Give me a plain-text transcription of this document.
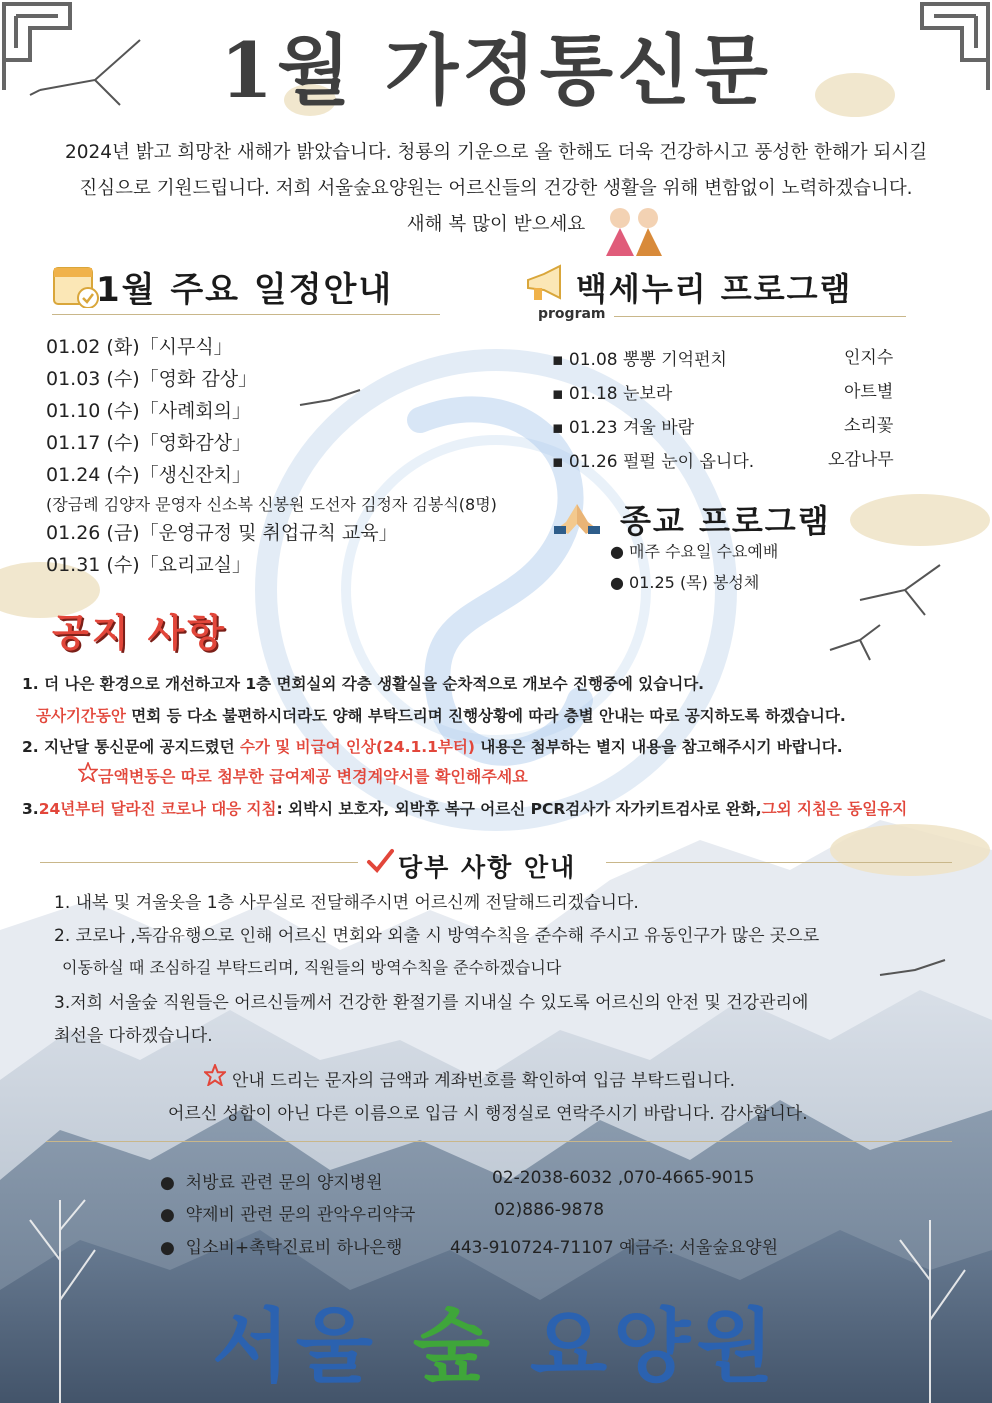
1월 가정통신문
2024년 밝고 희망찬 새해가 밝았습니다. 청룡의 기운으로 올 한해도 더욱 건강하시고 풍성한 한해가 되시길
진심으로 기원드립니다. 저희 서울숲요양원는 어르신들의 건강한 생활을 위해 변함없이 노력하겠습니다.
새해 복 많이 받으세요
1월 주요 일정안내
01.02 (화)「시무식」
01.03 (수)「영화 감상」
01.10 (수)「사례회의」
01.17 (수)「영화감상」
01.24 (수)「생신잔치」
(장금례 김양자 문영자 신소복 신봉원 도선자 김정자 김봉식(8명)
01.26 (금)「운영규정 및 취업규칙 교육」
01.31 (수)「요리교실」
백세누리 프로그램
program
▪ 01.08 뽕뽕 기억펀치	인지수
▪ 01.18 눈보라	아트별
▪ 01.23 겨울 바람	소리꽃
▪ 01.26 펄펄 눈이 옵니다.	오감나무
종교 프로그램
● 매주 수요일 수요예배
● 01.25 (목) 봉성체
공지 사항
1. 더 나은 환경으로 개선하고자 1층 면회실외 각층 생활실을 순차적으로 개보수 진행중에 있습니다.
공사기간동안 면회 등 다소 불편하시더라도 양해 부탁드리며 진행상황에 따라 층별 안내는 따로 공지하도록 하겠습니다.
2. 지난달 통신문에 공지드렸던 수가 및 비급여 인상(24.1.1부터) 내용은 첨부하는 별지 내용을 참고해주시기 바랍니다.
금액변동은 따로 첨부한 급여제공 변경계약서를 확인해주세요
3.24년부터 달라진 코로나 대응 지침: 외박시 보호자, 외박후 복구 어르신 PCR검사가 자가키트검사로 완화,그외 지침은 동일유지
당부 사항 안내
1. 내복 및 겨울옷을 1층 사무실로 전달해주시면 어르신께 전달해드리겠습니다.
2. 코로나 ,독감유행으로 인해 어르신 면회와 외출 시 방역수칙을 준수해 주시고 유동인구가 많은 곳으로
이동하실 때 조심하길 부탁드리며, 직원들의 방역수칙을 준수하겠습니다
3.저희 서울숲 직원들은 어르신들께서 건강한 환절기를 지내실 수 있도록 어르신의 안전 및 건강관리에
최선을 다하겠습니다.
안내 드리는 문자의 금액과 계좌번호를 확인하여 입금 부탁드립니다.
어르신 성함이 아닌 다른 이름으로 입금 시 행정실로 연락주시기 바랍니다. 감사합니다.
●  처방료 관련 문의 양지병원	02-2038-6032 ,070-4665-9015
●  약제비 관련 문의 관악우리약국	02)886-9878
●  입소비+촉탁진료비 하나은행	443-910724-71107 예금주: 서울숲요양원
서울 숲 요양원
